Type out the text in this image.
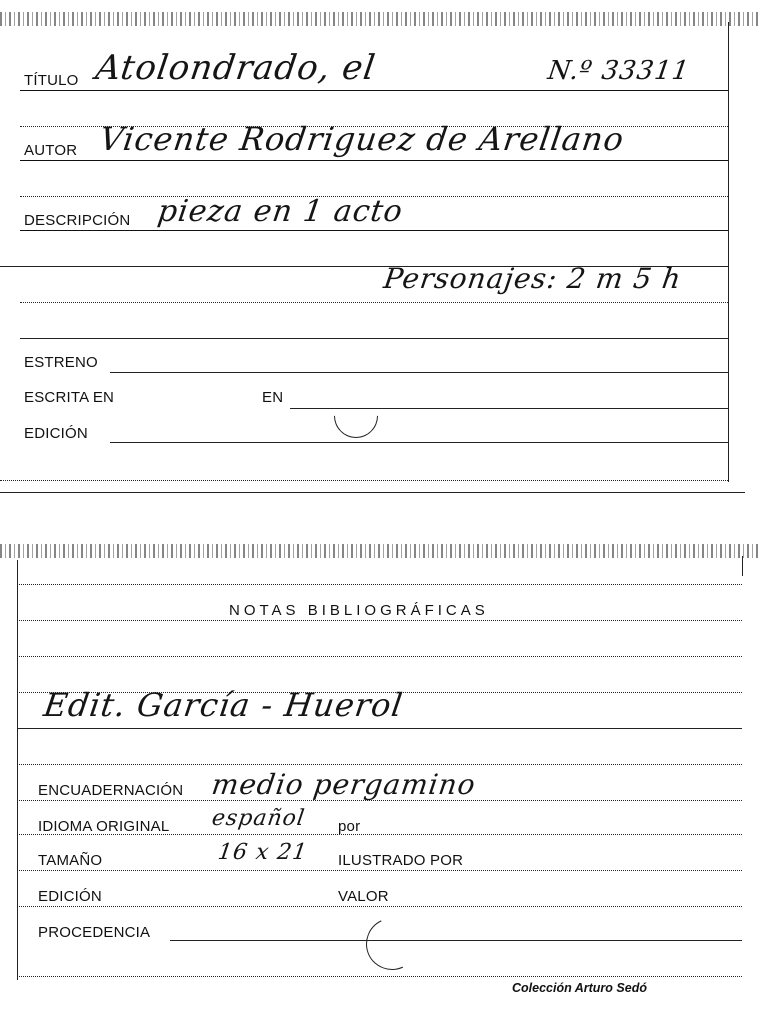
TÍTULO Atolondrado, el	N.º 33311
AUTOR Vicente Rodriguez de Arellano
DESCRIPCIÓN pieza en 1 acto
Personajes: 2 m 5 h
ESTRENO
ESCRITA EN	EN
EDICIÓN
NOTAS BIBLIOGRÁFICAS
Edit. García - Huerol
ENCUADERNACIÓN medio pergamino
IDIOMA ORIGINAL español por
TAMAÑO	16 x 21 ILUSTRADO POR
EDICIÓN	VALOR
PROCEDENCIA
Colección Arturo Sedó
